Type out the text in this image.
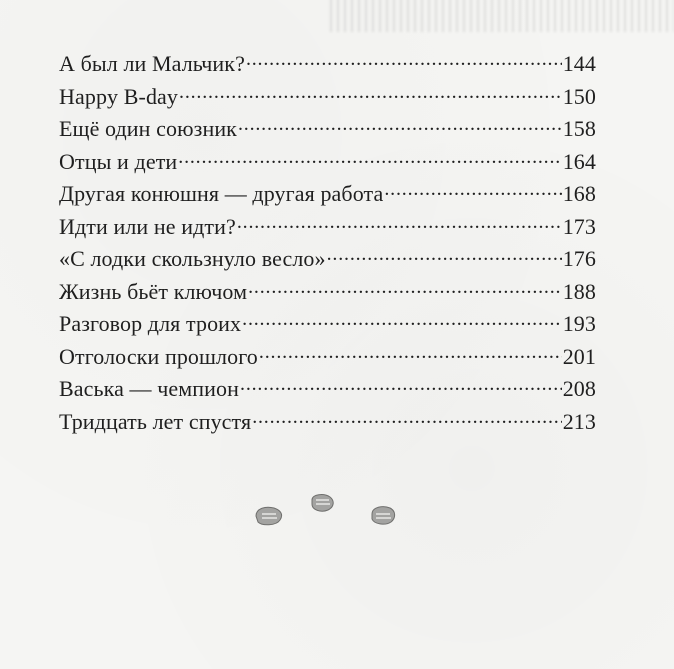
А был ли Мальчик? .....	144
Happy B-day .....	150
Ещё один союзник .....	158
Отцы и дети .....	164
Другая конюшня — другая работа .....	168
Идти или не идти? .....	173
«С лодки скользнуло весло» .....	176
Жизнь бьёт ключом .....	188
Разговор для троих .....	193
Отголоски прошлого .....	201
Васька — чемпион .....	208
Тридцать лет спустя .....	213
